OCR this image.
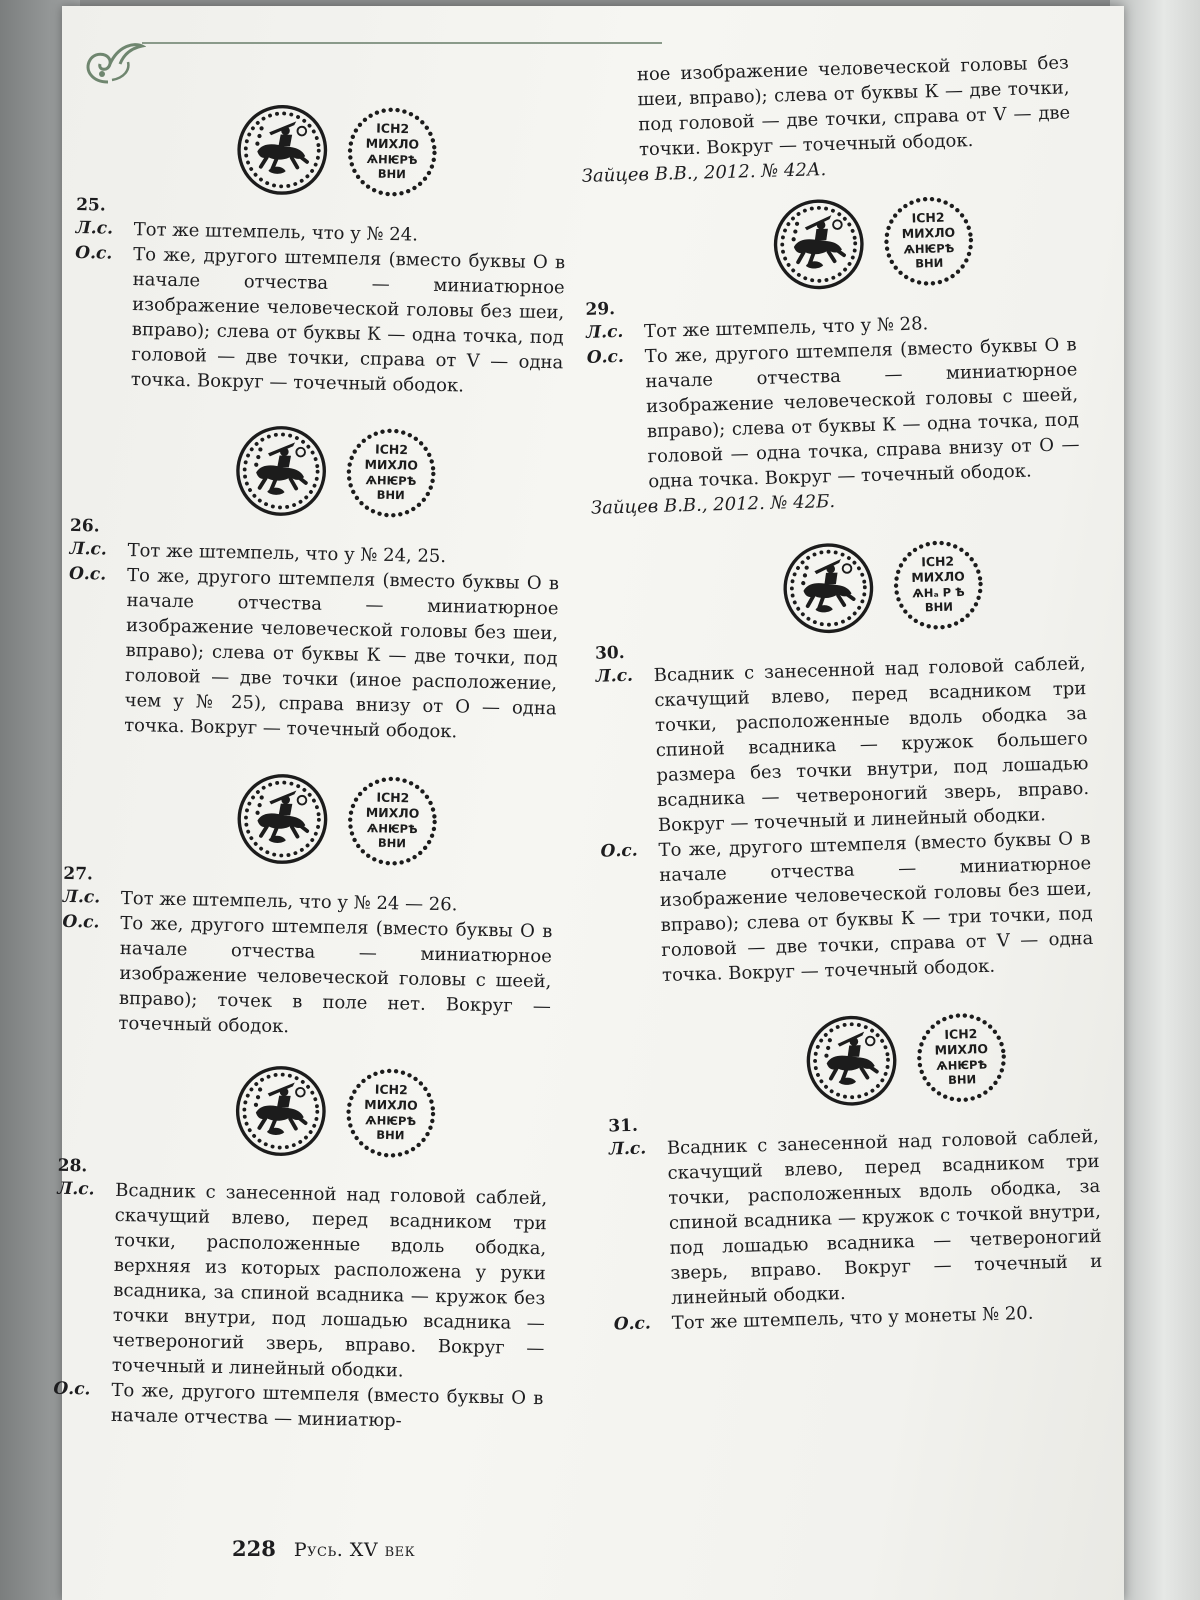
ІСН2
МИХЛО
ѦНѤРѢ
ВНИ
25.
Л.с.	Тот же штемпель, что у № 24.
О.с.	То же, другого штемпеля (вместо буквы О в начале отчества — миниатюрное изображение человеческой головы без шеи, вправо); слева от буквы К — одна точка, под головой — две точки, справа от V — одна точка. Вокруг — точечный ободок.
ІСН2
МИХЛО
ѦНѤРѢ
ВНИ
26.
Л.с.	Тот же штемпель, что у № 24, 25.
О.с.	То же, другого штемпеля (вместо буквы О в начале отчества — миниатюрное изображение человеческой головы без шеи, вправо); слева от буквы К — две точки, под головой — две точки (иное расположение, чем у № 25), справа внизу от О — одна точка. Вокруг — точечный ободок.
ІСН2
МИХЛО
ѦНѤРѢ
ВНИ
27.
Л.с.	Тот же штемпель, что у № 24 — 26.
О.с.	То же, другого штемпеля (вместо буквы О в начале отчества — миниатюрное изображение человеческой головы с шеей, вправо); точек в поле нет. Вокруг — точечный ободок.
ІСН2
МИХЛО
ѦНѤРѢ
ВНИ
28.
Л.с.	Всадник с занесенной над головой саблей, скачущий влево, перед всадником три точки, расположенные вдоль ободка, верхняя из которых расположена у руки всадника, за спиной всадника — кружок без точки внутри, под лошадью всадника — четвероногий зверь, вправо. Вокруг — точечный и линейный ободки.
О.с.	То же, другого штемпеля (вместо буквы О в начале отчества — миниатюр-
ное изображение человеческой головы без шеи, вправо); слева от буквы К — две точки, под головой — две точки, справа от V — две точки. Вокруг — точечный ободок.
Зайцев В.В., 2012. № 42А.
ІСН2
МИХЛО
ѦНѤРѢ
ВНИ
29.
Л.с.	Тот же штемпель, что у № 28.
О.с.	То же, другого штемпеля (вместо буквы О в начале отчества — миниатюрное изображение человеческой головы с шеей, вправо); слева от буквы К — одна точка, под головой — одна точка, справа внизу от О — одна точка. Вокруг — точечный ободок.
Зайцев В.В., 2012. № 42Б.
ІСН2
МИХЛО
ѦНₐ Р Ѣ
ВНИ
30.
Л.с.	Всадник с занесенной над головой саблей, скачущий влево, перед всадником три точки, расположенные вдоль ободка за спиной всадника — кружок большего размера без точки внутри, под лошадью всадника — четвероногий зверь, вправо. Вокруг — точечный и линейный ободки.
О.с.	То же, другого штемпеля (вместо буквы О в начале отчества — миниатюрное изображение человеческой головы без шеи, вправо); слева от буквы К — три точки, под головой — две точки, справа от V — одна точка. Вокруг — точечный ободок.
ІСН2
МИХЛО
ѦНѤРѢ
ВНИ
31.
Л.с.	Всадник с занесенной над головой саблей, скачущий влево, перед всадником три точки, расположенных вдоль ободка, за спиной всадника — кружок с точкой внутри, под лошадью всадника — четвероногий зверь, вправо. Вокруг — точечный и линейный ободки.
О.с.	Тот же штемпель, что у монеты № 20.
228 Русь. XV век
